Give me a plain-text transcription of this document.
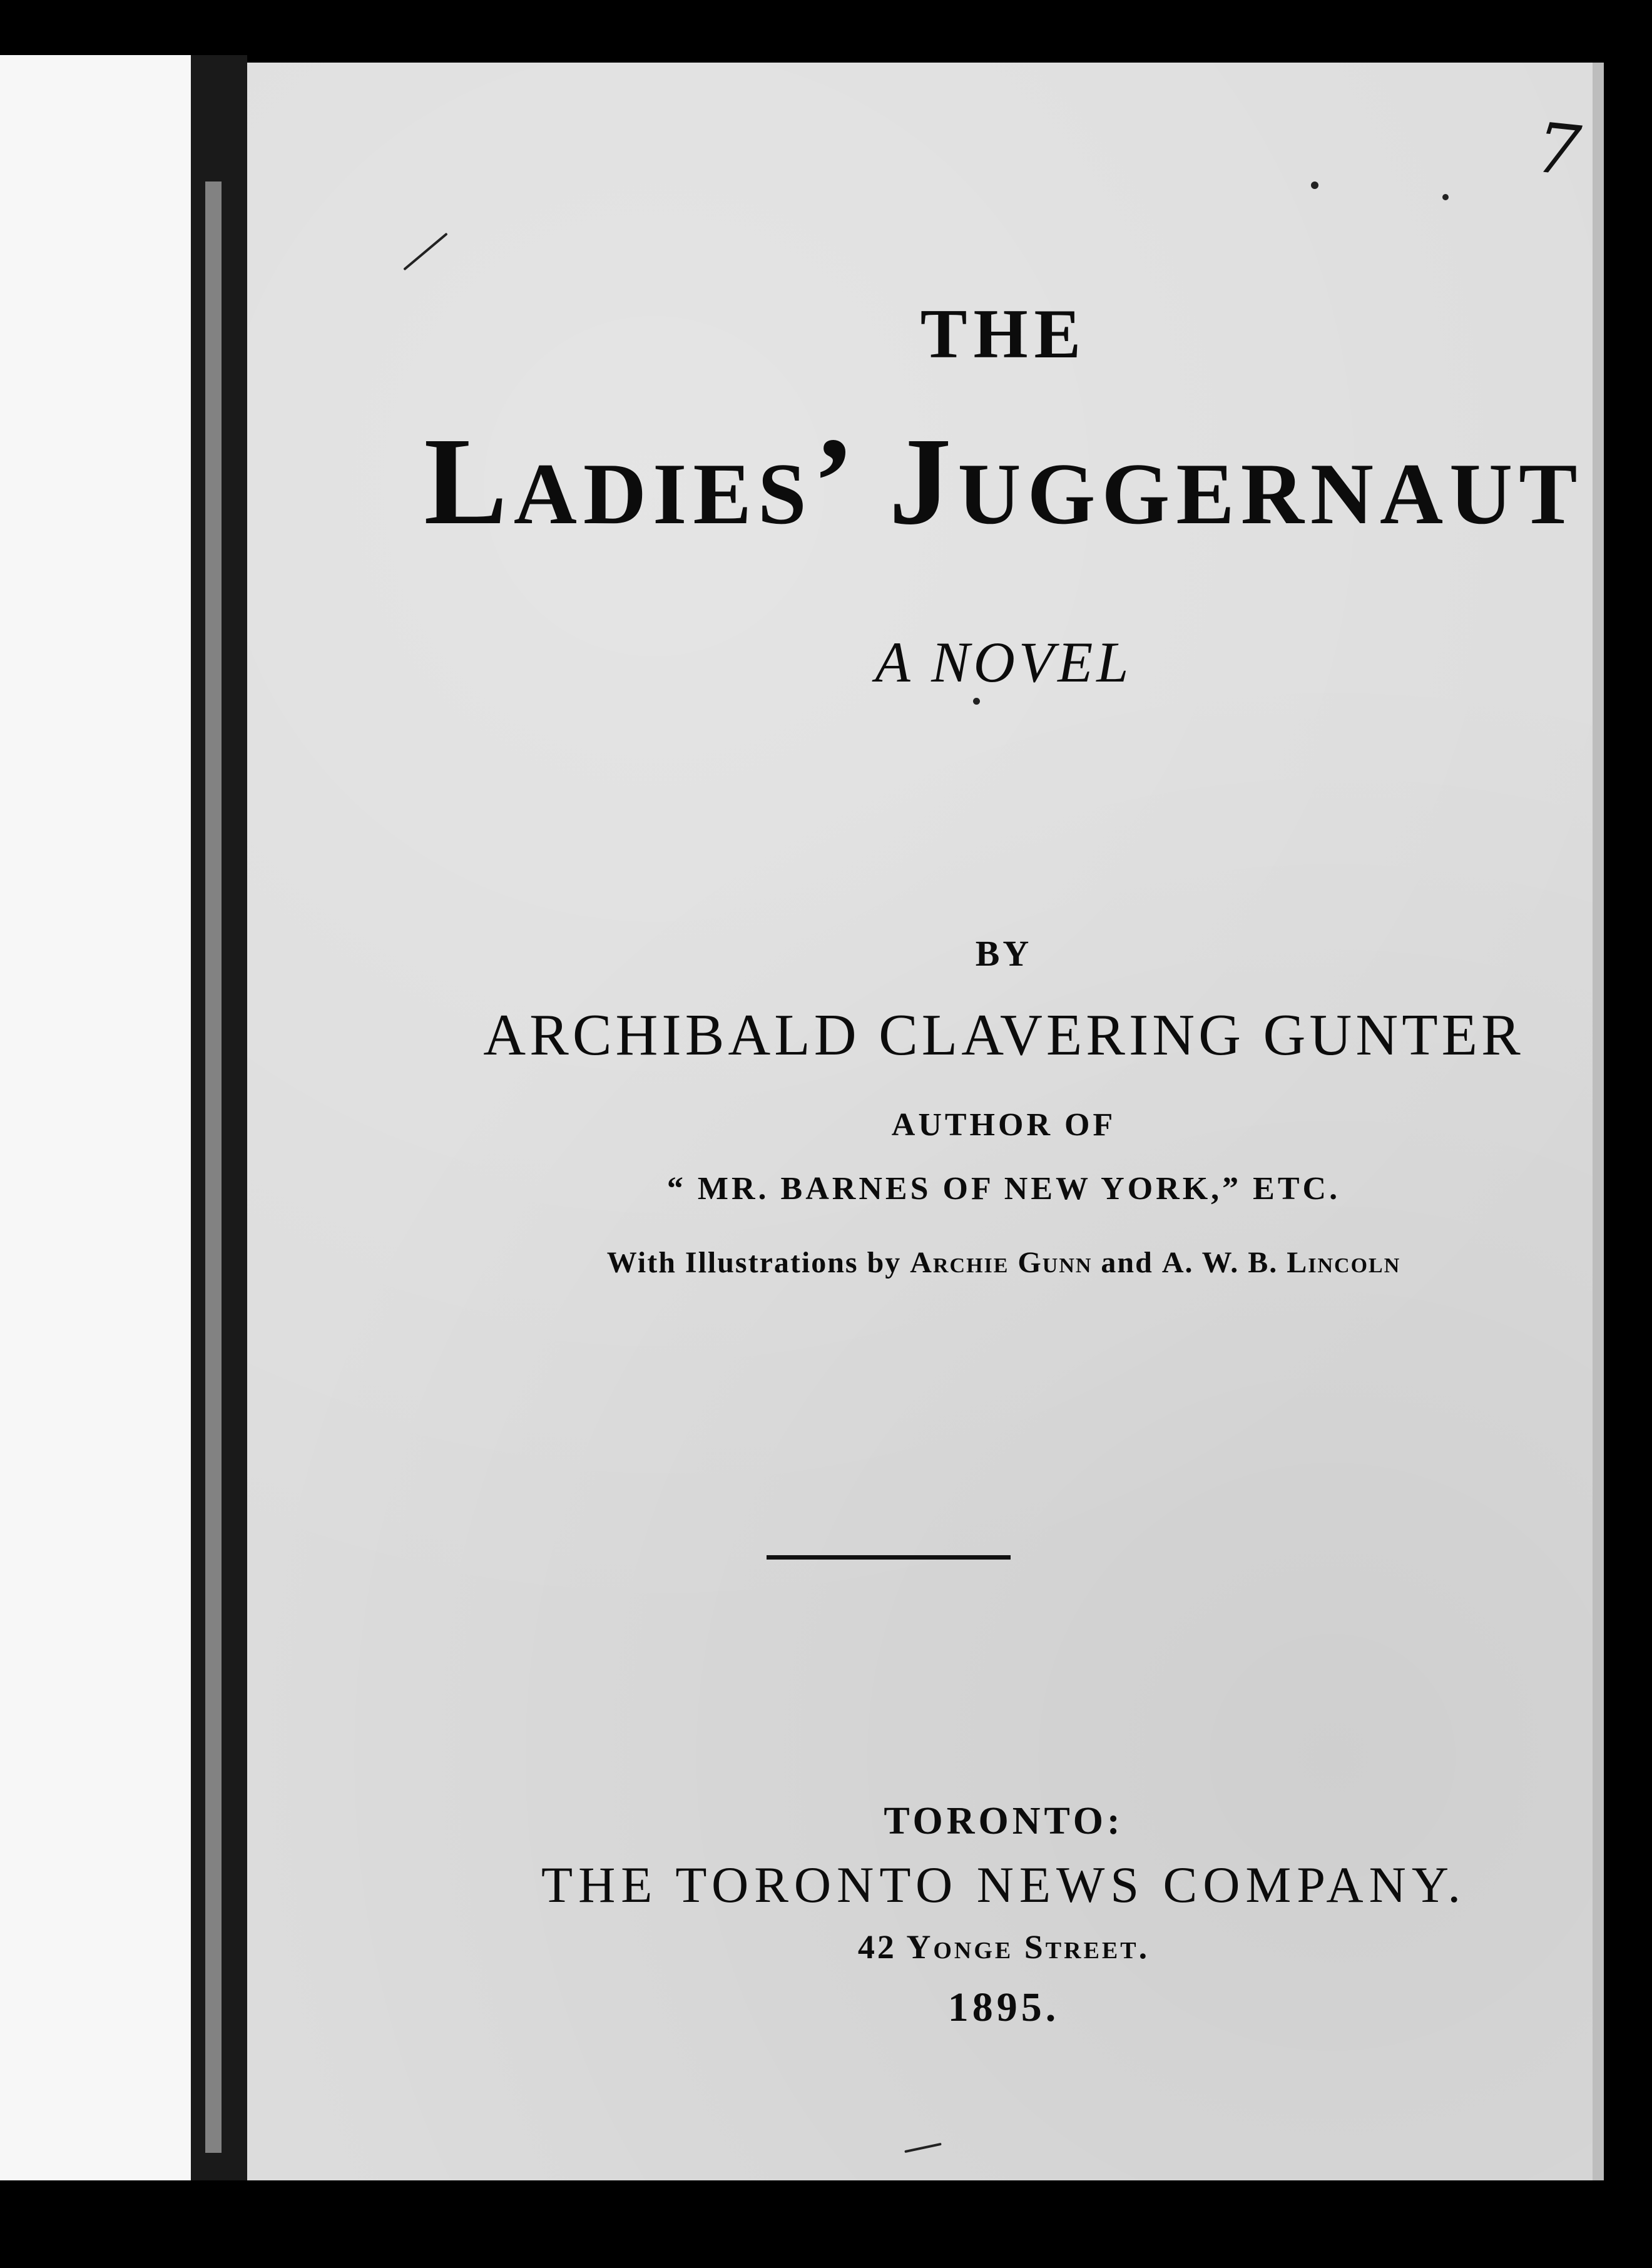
7
THE
Ladies’ Juggernaut
A NOVEL
BY
ARCHIBALD CLAVERING GUNTER
AUTHOR OF
“ MR. BARNES OF NEW YORK,” ETC.
With Illustrations by Archie Gunn and A. W. B. Lincoln
TORONTO:
THE TORONTO NEWS COMPANY.
42 Yonge Street.
1895.
